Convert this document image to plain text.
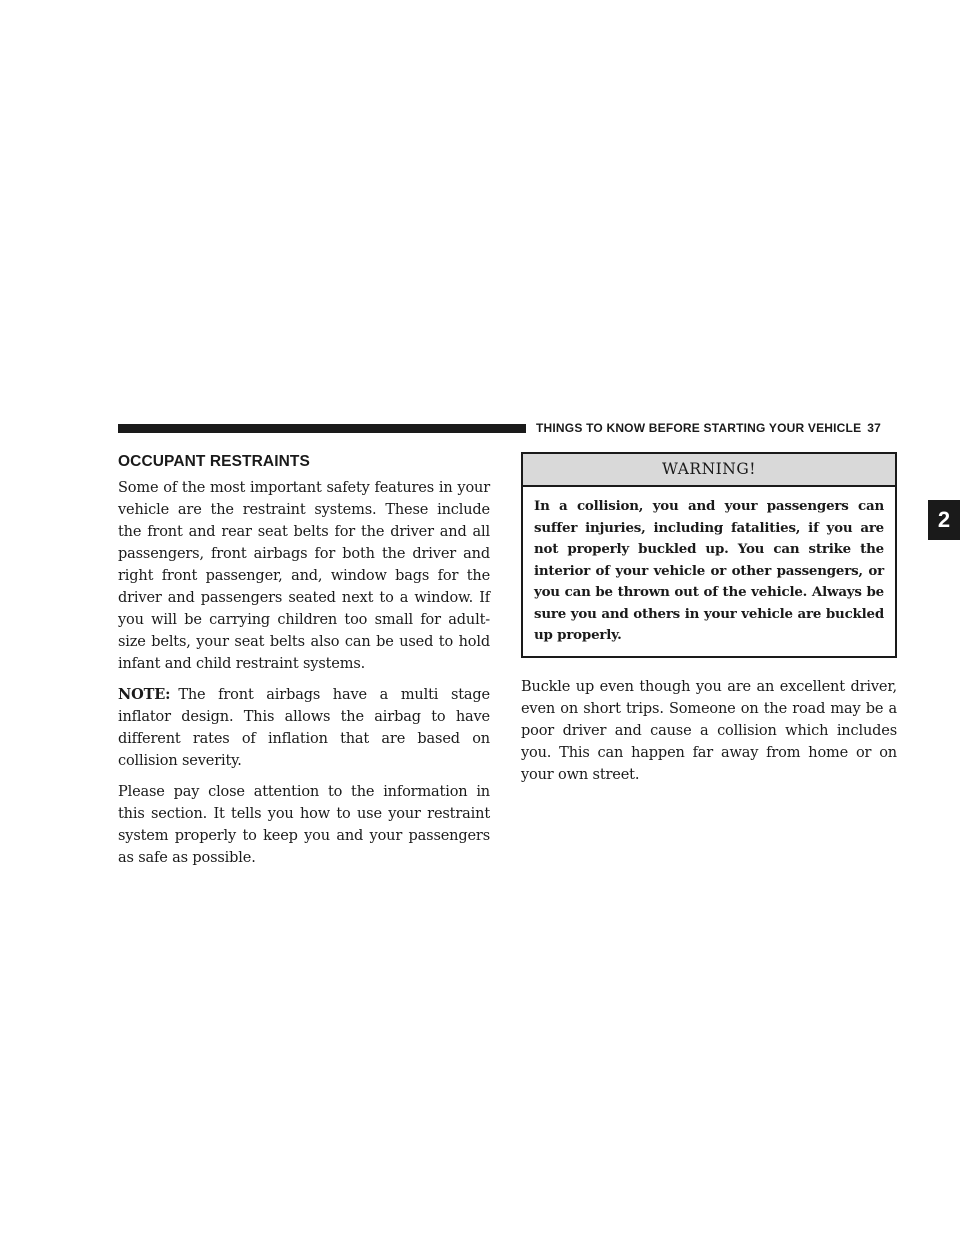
THINGS TO KNOW BEFORE STARTING YOUR VEHICLE 37
2
OCCUPANT RESTRAINTS

Some of the most important safety features in your vehicle are the restraint systems. These include the front and rear seat belts for the driver and all passengers, front airbags for both the driver and right front passenger, and, window bags for the driver and passengers seated next to a window. If you will be carrying children too small for adult-size belts, your seat belts also can be used to hold infant and child restraint systems.

NOTE: The front airbags have a multi stage inflator design. This allows the airbag to have different rates of inflation that are based on collision severity.

Please pay close attention to the information in this section. It tells you how to use your restraint system properly to keep you and your passengers as safe as possible.

WARNING!
In a collision, you and your passengers can suffer injuries, including fatalities, if you are not properly buckled up. You can strike the interior of your vehicle or other passengers, or you can be thrown out of the vehicle. Always be sure you and others in your vehicle are buckled up properly.

Buckle up even though you are an excellent driver, even on short trips. Someone on the road may be a poor driver and cause a collision which includes you. This can happen far away from home or on your own street.
